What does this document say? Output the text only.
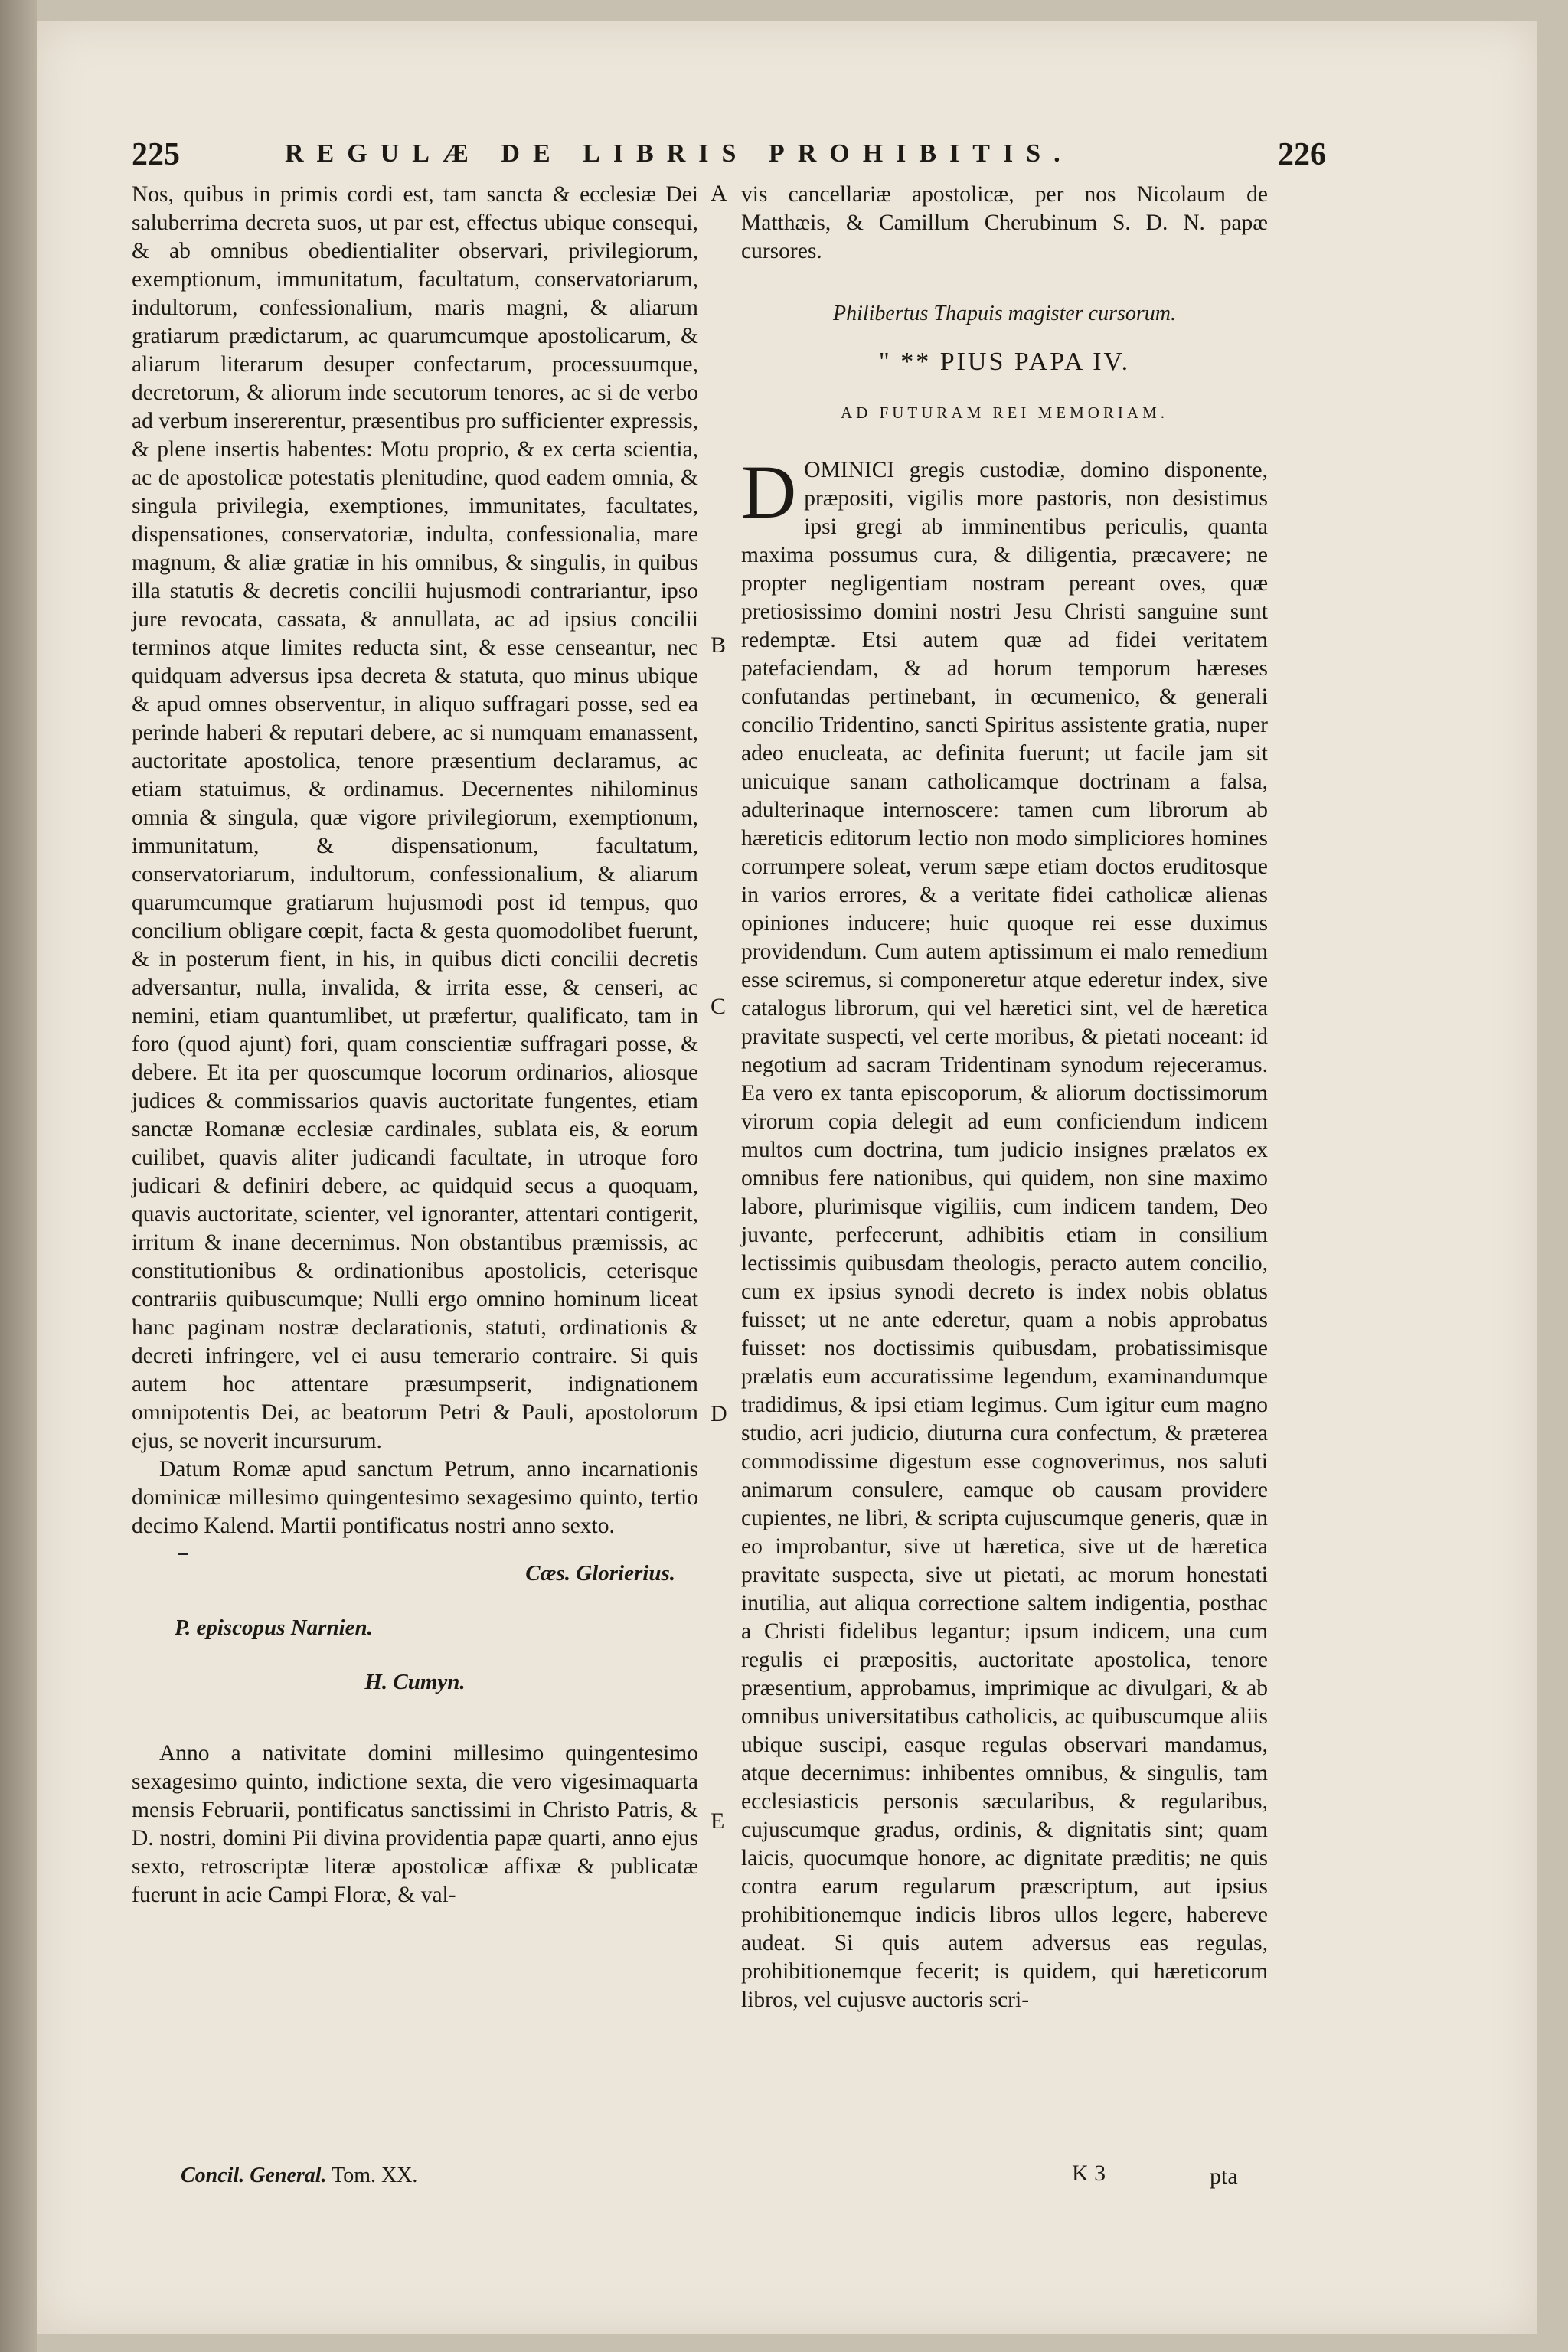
225	REGULÆ DE LIBRIS PROHIBITIS.	226

Nos, quibus in primis cordi est, tam sancta & ecclesiæ Dei saluberrima decreta suos, ut par est, effectus ubique consequi, & ab omnibus obedientialiter observari, privilegiorum, exemptionum, immunitatum, facultatum, conservatoriarum, indultorum, confessionalium, maris magni, & aliarum gratiarum prædictarum, ac quarumcumque apostolicarum, & aliarum literarum desuper confectarum, processuumque, decretorum, & aliorum inde secutorum tenores, ac si de verbo ad verbum insererentur, præsentibus pro sufficienter expressis, & plene insertis habentes: Motu proprio, & ex certa scientia, ac de apostolicæ potestatis plenitudine, quod eadem omnia, & singula privilegia, exemptiones, immunitates, facultates, dispensationes, conservatoriæ, indulta, confessionalia, mare magnum, & aliæ gratiæ in his omnibus, & singulis, in quibus illa statutis & decretis concilii hujusmodi contrariantur, ipso jure revocata, cassata, & annullata, ac ad ipsius concilii terminos atque limites reducta sint, & esse censeantur, nec quidquam adversus ipsa decreta & statuta, quo minus ubique & apud omnes observentur, in aliquo suffragari posse, sed ea perinde haberi & reputari debere, ac si numquam emanassent, auctoritate apostolica, tenore præsentium declaramus, ac etiam statuimus, & ordinamus. Decernentes nihilominus omnia & singula, quæ vigore privilegiorum, exemptionum, immunitatum, & dispensationum, facultatum, conservatoriarum, indultorum, confessionalium, & aliarum quarumcumque gratiarum hujusmodi post id tempus, quo concilium obligare cœpit, facta & gesta quomodolibet fuerunt, & in posterum fient, in his, in quibus dicti concilii decretis adversantur, nulla, invalida, & irrita esse, & censeri, ac nemini, etiam quantumlibet, ut præfertur, qualificato, tam in foro (quod ajunt) fori, quam conscientiæ suffragari posse, & debere. Et ita per quoscumque locorum ordinarios, aliosque judices & commissarios quavis auctoritate fungentes, etiam sanctæ Romanæ ecclesiæ cardinales, sublata eis, & eorum cuilibet, quavis aliter judicandi facultate, in utroque foro judicari & definiri debere, ac quidquid secus a quoquam, quavis auctoritate, scienter, vel ignoranter, attentari contigerit, irritum & inane decernimus. Non obstantibus præmissis, ac constitutionibus & ordinationibus apostolicis, ceterisque contrariis quibuscumque; Nulli ergo omnino hominum liceat hanc paginam nostræ declarationis, statuti, ordinationis & decreti infringere, vel ei ausu temerario contraire. Si quis autem hoc attentare præsumpserit, indignationem omnipotentis Dei, ac beatorum Petri & Pauli, apostolorum ejus, se noverit incursurum.

Datum Romæ apud sanctum Petrum, anno incarnationis dominicæ millesimo quingentesimo sexagesimo quinto, tertio decimo Kalend. Martii pontificatus nostri anno sexto.

Cæs. Glorierius.
P. episcopus Narnien.
H. Cumyn.

Anno a nativitate domini millesimo quingentesimo sexagesimo quinto, indictione sexta, die vero vigesimaquarta mensis Februarii, pontificatus sanctissimi in Christo Patris, & D. nostri, domini Pii divina providentia papæ quarti, anno ejus sexto, retroscriptæ literæ apostolicæ affixæ & publicatæ fuerunt in acie Campi Floræ, & val-

A
B
C
D
E

vis cancellariæ apostolicæ, per nos Nicolaum de Matthæis, & Camillum Cherubinum S. D. N. papæ cursores.

Philibertus Thapuis magister cursorum.
" ** PIUS PAPA IV.
AD FUTURAM REI MEMORIAM.

DOMINICI gregis custodiæ, domino disponente, præpositi, vigilis more pastoris, non desistimus ipsi gregi ab imminentibus periculis, quanta maxima possumus cura, & diligentia, præcavere; ne propter negligentiam nostram pereant oves, quæ pretiosissimo domini nostri Jesu Christi sanguine sunt redemptæ. Etsi autem quæ ad fidei veritatem patefaciendam, & ad horum temporum hæreses confutandas pertinebant, in œcumenico, & generali concilio Tridentino, sancti Spiritus assistente gratia, nuper adeo enucleata, ac definita fuerunt; ut facile jam sit unicuique sanam catholicamque doctrinam a falsa, adulterinaque internoscere: tamen cum librorum ab hæreticis editorum lectio non modo simpliciores homines corrumpere soleat, verum sæpe etiam doctos eruditosque in varios errores, & a veritate fidei catholicæ alienas opiniones inducere; huic quoque rei esse duximus providendum. Cum autem aptissimum ei malo remedium esse sciremus, si componeretur atque ederetur index, sive catalogus librorum, qui vel hæretici sint, vel de hæretica pravitate suspecti, vel certe moribus, & pietati noceant: id negotium ad sacram Tridentinam synodum rejeceramus. Ea vero ex tanta episcoporum, & aliorum doctissimorum virorum copia delegit ad eum conficiendum indicem multos cum doctrina, tum judicio insignes prælatos ex omnibus fere nationibus, qui quidem, non sine maximo labore, plurimisque vigiliis, cum indicem tandem, Deo juvante, perfecerunt, adhibitis etiam in consilium lectissimis quibusdam theologis, peracto autem concilio, cum ex ipsius synodi decreto is index nobis oblatus fuisset; ut ne ante ederetur, quam a nobis approbatus fuisset: nos doctissimis quibusdam, probatissimisque prælatis eum accuratissime legendum, examinandumque tradidimus, & ipsi etiam legimus. Cum igitur eum magno studio, acri judicio, diuturna cura confectum, & præterea commodissime digestum esse cognoverimus, nos saluti animarum consulere, eamque ob causam providere cupientes, ne libri, & scripta cujuscumque generis, quæ in eo improbantur, sive ut hæretica, sive ut de hæretica pravitate suspecta, sive ut pietati, ac morum honestati inutilia, aut aliqua correctione saltem indigentia, posthac a Christi fidelibus legantur; ipsum indicem, una cum regulis ei præpositis, auctoritate apostolica, tenore præsentium, approbamus, imprimique ac divulgari, & ab omnibus universitatibus catholicis, ac quibuscumque aliis ubique suscipi, easque regulas observari mandamus, atque decernimus: inhibentes omnibus, & singulis, tam ecclesiasticis personis sæcularibus, & regularibus, cujuscumque gradus, ordinis, & dignitatis sint; quam laicis, quocumque honore, ac dignitate præditis; ne quis contra earum regularum præscriptum, aut ipsius prohibitionemque indicis libros ullos legere, habereve audeat. Si quis autem adversus eas regulas, prohibitionemque fecerit; is quidem, qui hæreticorum libros, vel cujusve auctoris scri-

Concil. General. Tom. XX.	K 3	pta
